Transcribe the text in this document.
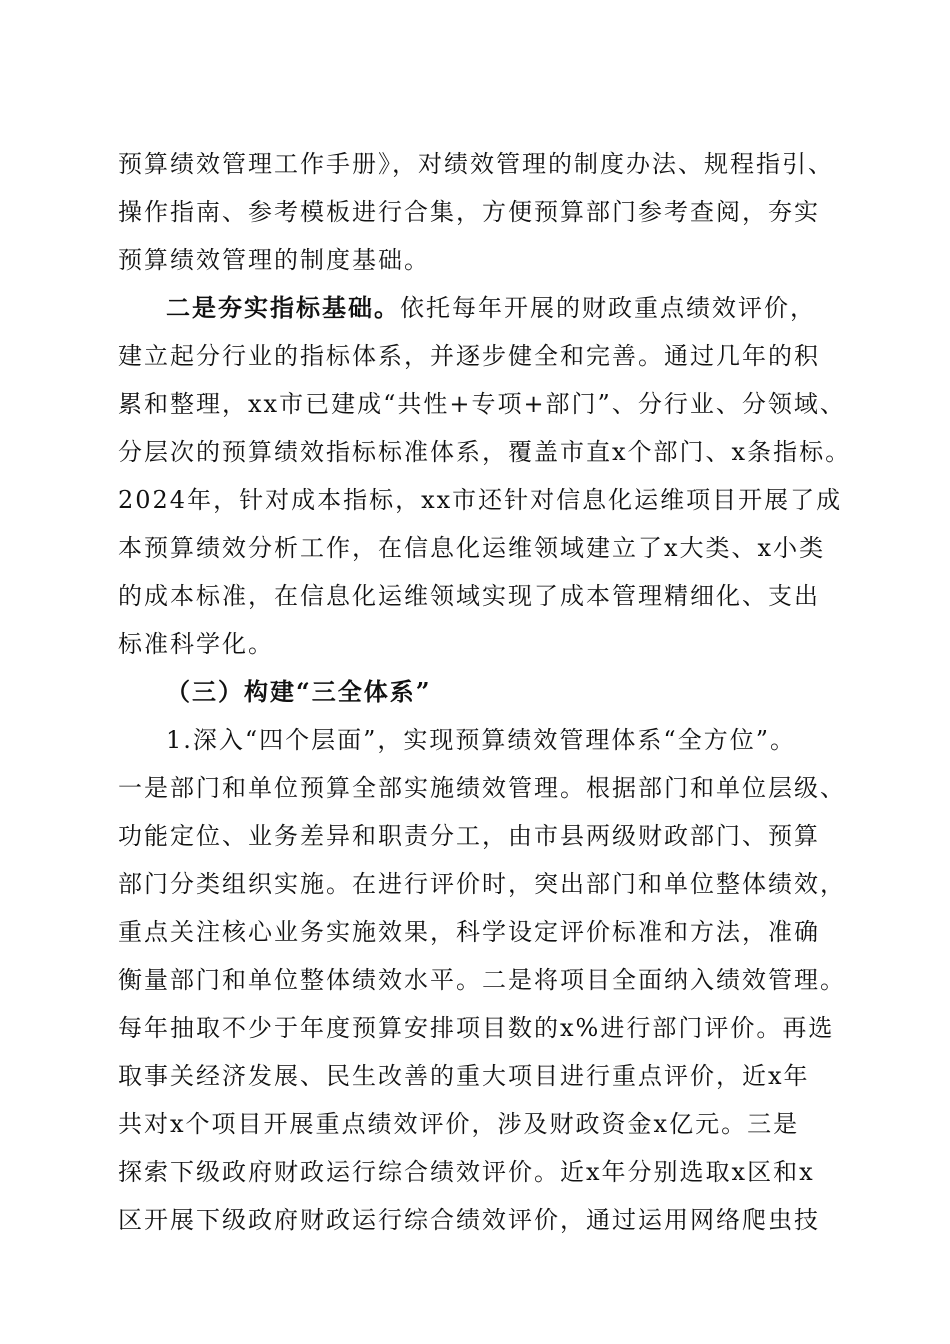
预算绩效管理工作手册》，对绩效管理的制度办法、规程指引、
操作指南、参考模板进行合集，方便预算部门参考查阅，夯实
预算绩效管理的制度基础。
二是夯实指标基础。依托每年开展的财政重点绩效评价，
建立起分行业的指标体系，并逐步健全和完善。通过几年的积
累和整理，xx市已建成“共性+专项+部门”、分行业、分领域、
分层次的预算绩效指标标准体系，覆盖市直x个部门、x条指标。
2024年，针对成本指标，xx市还针对信息化运维项目开展了成
本预算绩效分析工作，在信息化运维领域建立了x大类、x小类
的成本标准，在信息化运维领域实现了成本管理精细化、支出
标准科学化。
（三）构建“三全体系”
1.深入“四个层面”，实现预算绩效管理体系“全方位”。
一是部门和单位预算全部实施绩效管理。根据部门和单位层级、
功能定位、业务差异和职责分工，由市县两级财政部门、预算
部门分类组织实施。在进行评价时，突出部门和单位整体绩效，
重点关注核心业务实施效果，科学设定评价标准和方法，准确
衡量部门和单位整体绩效水平。二是将项目全面纳入绩效管理。
每年抽取不少于年度预算安排项目数的x%进行部门评价。再选
取事关经济发展、民生改善的重大项目进行重点评价，近x年
共对x个项目开展重点绩效评价，涉及财政资金x亿元。三是
探索下级政府财政运行综合绩效评价。近x年分别选取x区和x
区开展下级政府财政运行综合绩效评价，通过运用网络爬虫技
